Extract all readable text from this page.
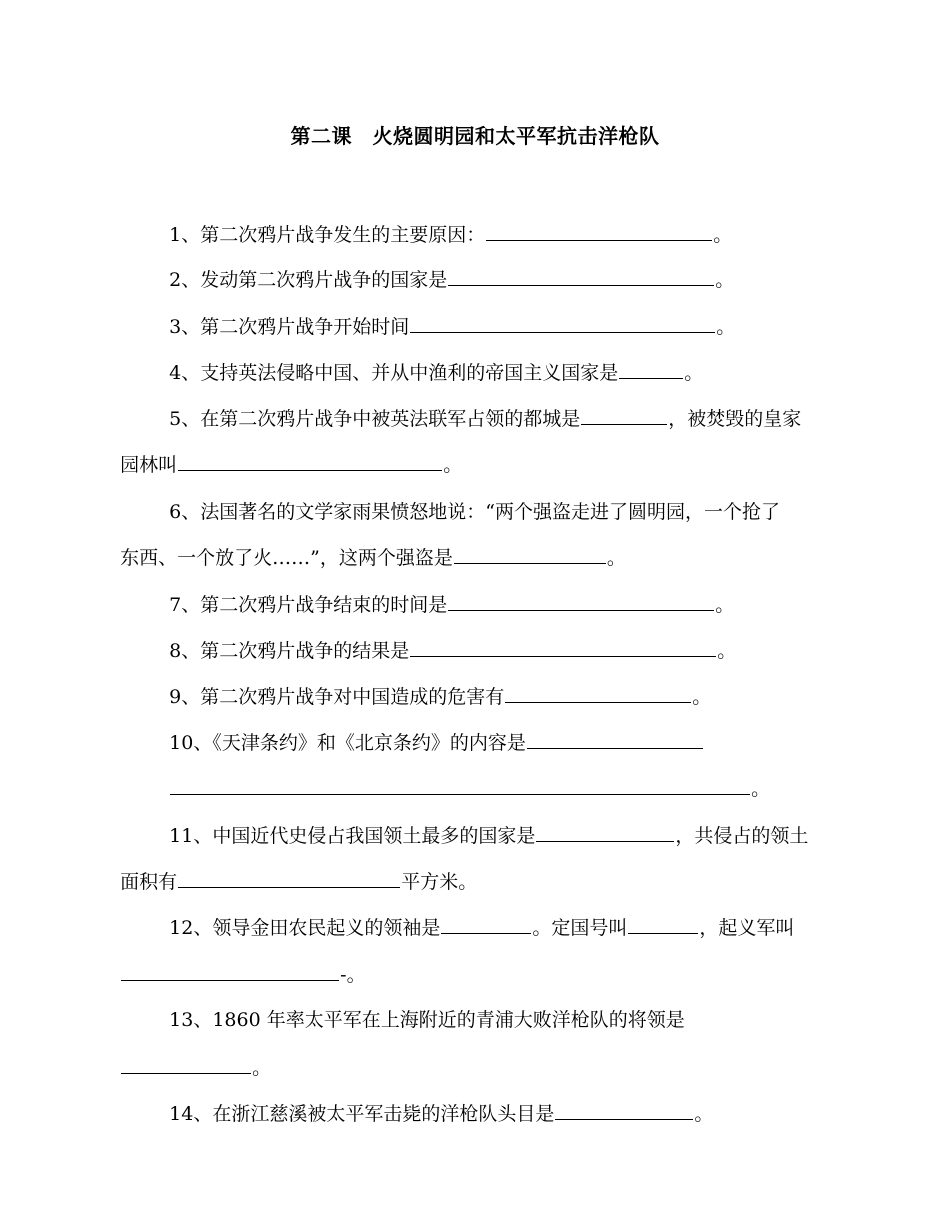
第二课　火烧圆明园和太平军抗击洋枪队

1、第二次鸦片战争发生的主要原因：	。

2、发动第二次鸦片战争的国家是	。

3、第二次鸦片战争开始时间	。

4、支持英法侵略中国、并从中渔利的帝国主义国家是	。

5、在第二次鸦片战争中被英法联军占领的都城是	，被焚毁的皇家

园林叫	。

6、法国著名的文学家雨果愤怒地说：“两个强盗走进了圆明园，一个抢了

东西、一个放了火……”，这两个强盗是	。

7、第二次鸦片战争结束的时间是	。

8、第二次鸦片战争的结果是	。

9、第二次鸦片战争对中国造成的危害有	。

10、《天津条约》和《北京条约》的内容是

。

11、中国近代史侵占我国领土最多的国家是	，共侵占的领土

面积有	平方米。

12、领导金田农民起义的领袖是	。定国号叫	，起义军叫

-。

13、1860 年率太平军在上海附近的青浦大败洋枪队的将领是

。

14、在浙江慈溪被太平军击毙的洋枪队头目是	。
